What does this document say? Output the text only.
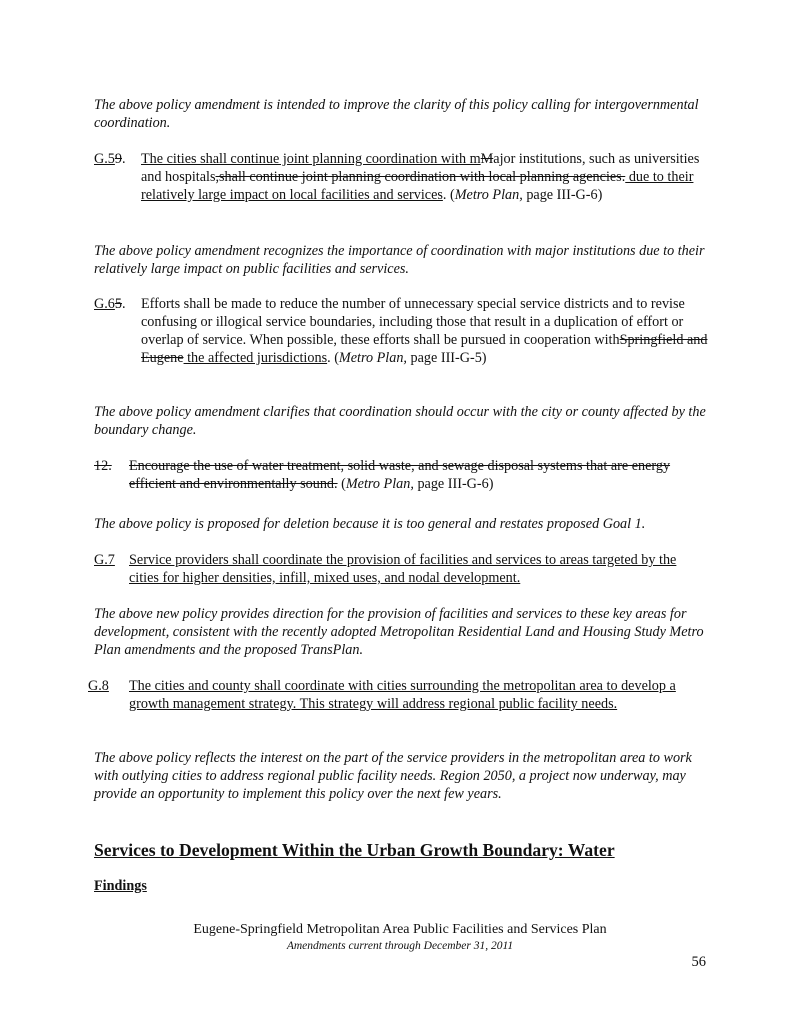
The above policy amendment is intended to improve the clarity of this policy calling for intergovernmental coordination.
G.59. The cities shall continue joint planning coordination with mMajor institutions, such as universities and hospitals,shall continue joint planning coordination with local planning agencies. due to their relatively large impact on local facilities and services. (Metro Plan, page III-G-6)
The above policy amendment recognizes the importance of coordination with major institutions due to their relatively large impact on public facilities and services.
G.65. Efforts shall be made to reduce the number of unnecessary special service districts and to revise confusing or illogical service boundaries, including those that result in a duplication of effort or overlap of service. When possible, these efforts shall be pursued in cooperation withSpringfield and Eugene the affected jurisdictions. (Metro Plan, page III-G-5)
The above policy amendment clarifies that coordination should occur with the city or county affected by the boundary change.
12. Encourage the use of water treatment, solid waste, and sewage disposal systems that are energy efficient and environmentally sound. (Metro Plan, page III-G-6)
The above policy is proposed for deletion because it is too general and restates proposed Goal 1.
G.7 Service providers shall coordinate the provision of facilities and services to areas targeted by the cities for higher densities, infill, mixed uses, and nodal development.
The above new policy provides direction for the provision of facilities and services to these key areas for development, consistent with the recently adopted Metropolitan Residential Land and Housing Study Metro Plan amendments and the proposed TransPlan.
G.8 The cities and county shall coordinate with cities surrounding the metropolitan area to develop a growth management strategy. This strategy will address regional public facility needs.
The above policy reflects the interest on the part of the service providers in the metropolitan area to work with outlying cities to address regional public facility needs. Region 2050, a project now underway, may provide an opportunity to implement this policy over the next few years.
Services to Development Within the Urban Growth Boundary: Water
Findings
Eugene-Springfield Metropolitan Area Public Facilities and Services Plan
Amendments current through December 31, 2011
56
